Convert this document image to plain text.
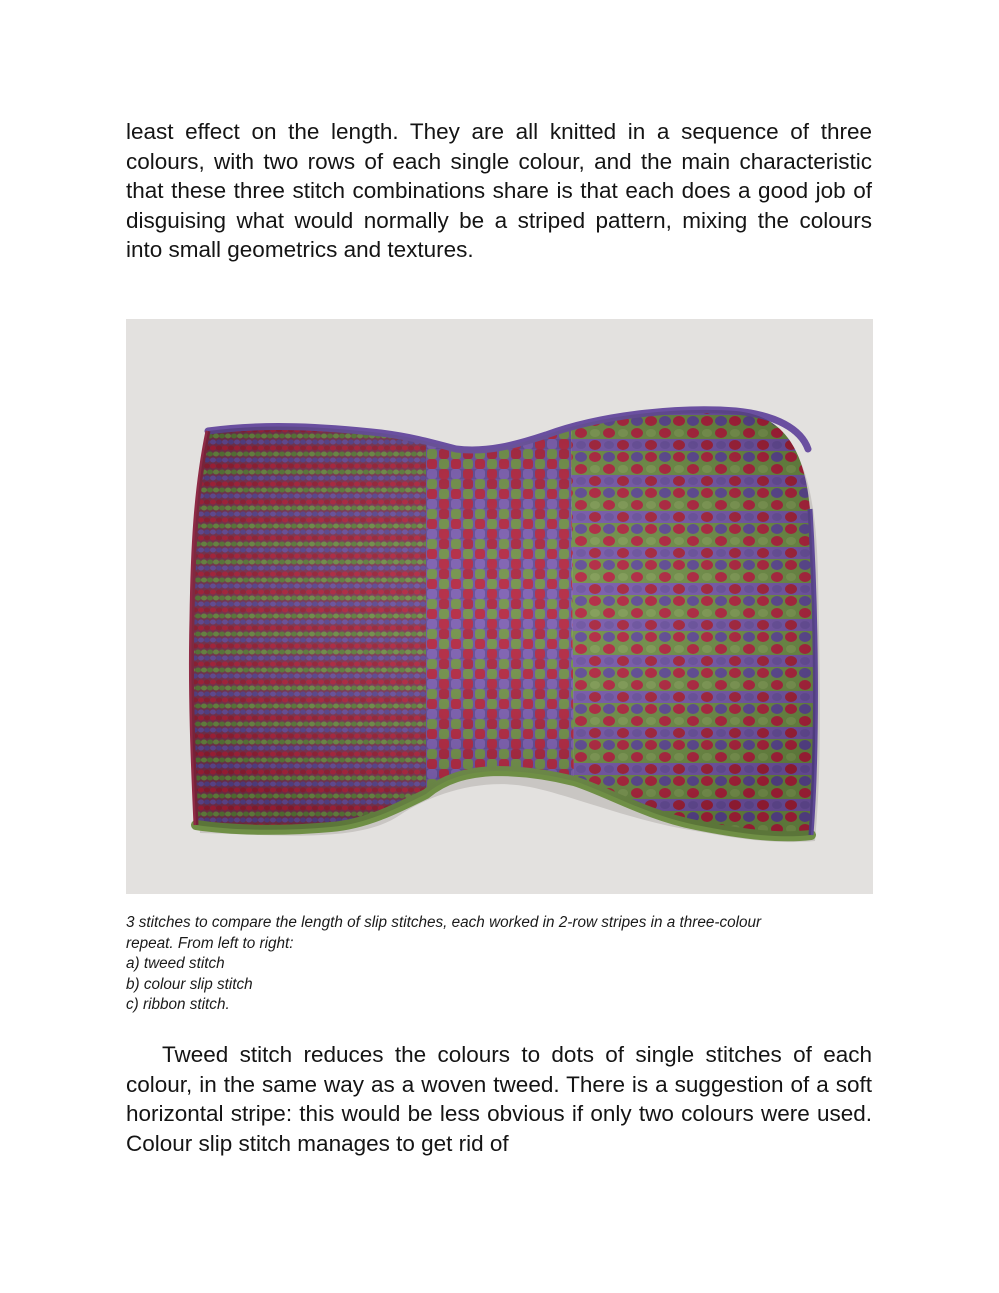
least effect on the length. They are all knitted in a sequence of three colours, with two rows of each single colour, and the main characteristic that these three stitch combinations share is that each does a good job of disguising what would normally be a striped pattern, mixing the colours into small geometrics and textures.
3 stitches to compare the length of slip stitches, each worked in 2-row stripes in a three-colour
repeat. From left to right:
a) tweed stitch
b) colour slip stitch
c) ribbon stitch.
Tweed stitch reduces the colours to dots of single stitches of each colour, in the same way as a woven tweed. There is a suggestion of a soft horizontal stripe: this would be less obvious if only two colours were used. Colour slip stitch manages to get rid of
